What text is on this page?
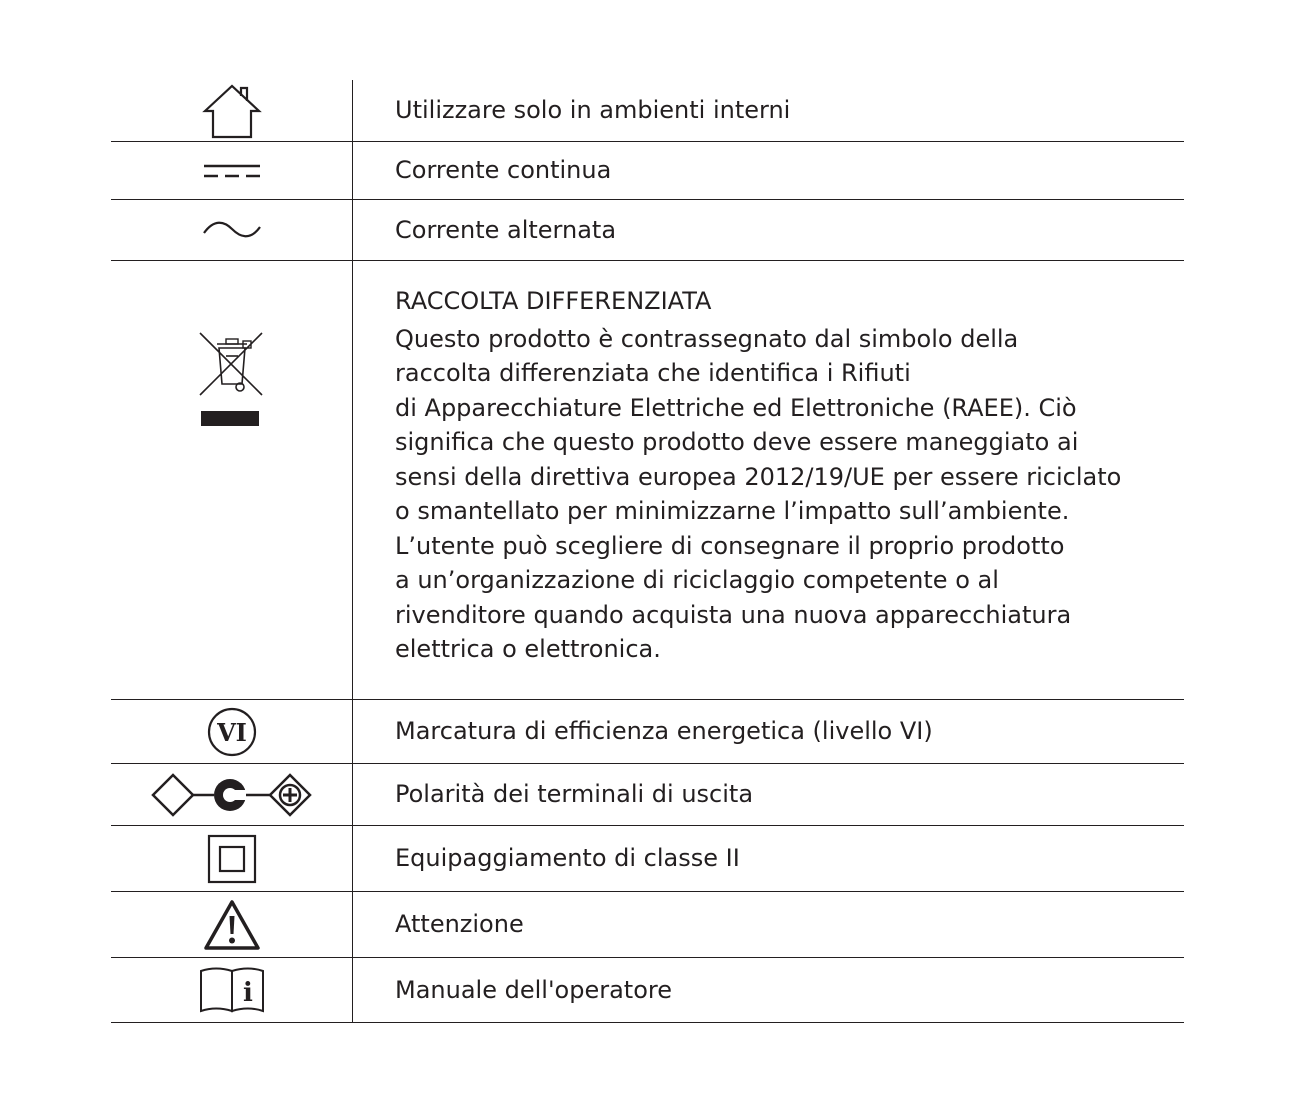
Utilizzare solo in ambienti interni
Corrente continua
Corrente alternata
RACCOLTA DIFFERENZIATA
Questo prodotto è contrassegnato dal simbolo della
raccolta differenziata che identifica i Rifiuti
di Apparecchiature Elettriche ed Elettroniche (RAEE). Ciò
significa che questo prodotto deve essere maneggiato ai
sensi della direttiva europea 2012/19/UE per essere riciclato
o smantellato per minimizzarne l’impatto sull’ambiente.
L’utente può scegliere di consegnare il proprio prodotto
a un’organizzazione di riciclaggio competente o al
rivenditore quando acquista una nuova apparecchiatura
elettrica o elettronica.
VI	Marcatura di efficienza energetica (livello VI)
Polarità dei terminali di uscita
Equipaggiamento di classe II
Attenzione
i	Manuale dell'operatore
